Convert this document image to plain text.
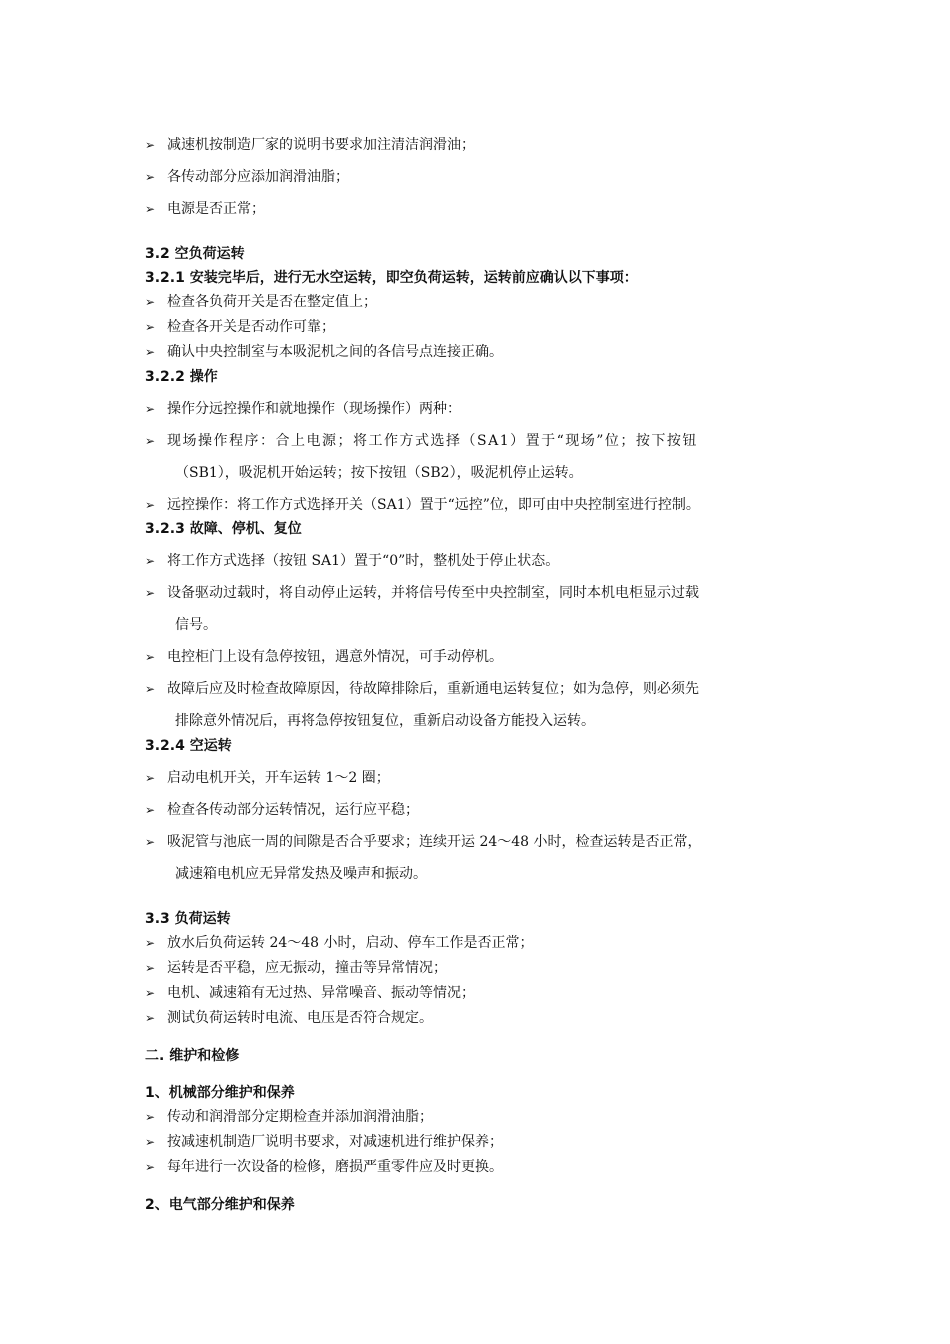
➢ 减速机按制造厂家的说明书要求加注清洁润滑油；
➢ 各传动部分应添加润滑油脂；
➢ 电源是否正常；
3.2 空负荷运转
3.2.1 安装完毕后，进行无水空运转，即空负荷运转，运转前应确认以下事项：
➢ 检查各负荷开关是否在整定值上；
➢ 检查各开关是否动作可靠；
➢ 确认中央控制室与本吸泥机之间的各信号点连接正确。
3.2.2 操作
➢ 操作分远控操作和就地操作（现场操作）两种：
➢ 现场操作程序：合上电源；将工作方式选择（SA1）置于“现场”位；按下按钮
（SB1），吸泥机开始运转；按下按钮（SB2），吸泥机停止运转。
➢ 远控操作：将工作方式选择开关（SA1）置于“远控”位，即可由中央控制室进行控制。
3.2.3 故障、停机、复位
➢ 将工作方式选择（按钮 SA1）置于“0”时，整机处于停止状态。
➢ 设备驱动过载时，将自动停止运转，并将信号传至中央控制室，同时本机电柜显示过载
信号。
➢ 电控柜门上设有急停按钮，遇意外情况，可手动停机。
➢ 故障后应及时检查故障原因，待故障排除后，重新通电运转复位；如为急停，则必须先
排除意外情况后，再将急停按钮复位，重新启动设备方能投入运转。
3.2.4 空运转
➢ 启动电机开关，开车运转 1～2 圈；
➢ 检查各传动部分运转情况，运行应平稳；
➢ 吸泥管与池底一周的间隙是否合乎要求；连续开运 24～48 小时，检查运转是否正常，
减速箱电机应无异常发热及噪声和振动。
3.3 负荷运转
➢ 放水后负荷运转 24～48 小时，启动、停车工作是否正常；
➢ 运转是否平稳，应无振动，撞击等异常情况；
➢ 电机、减速箱有无过热、异常噪音、振动等情况；
➢ 测试负荷运转时电流、电压是否符合规定。
二. 维护和检修
1、机械部分维护和保养
➢ 传动和润滑部分定期检查并添加润滑油脂；
➢ 按减速机制造厂说明书要求，对减速机进行维护保养；
➢ 每年进行一次设备的检修，磨损严重零件应及时更换。
2、电气部分维护和保养
